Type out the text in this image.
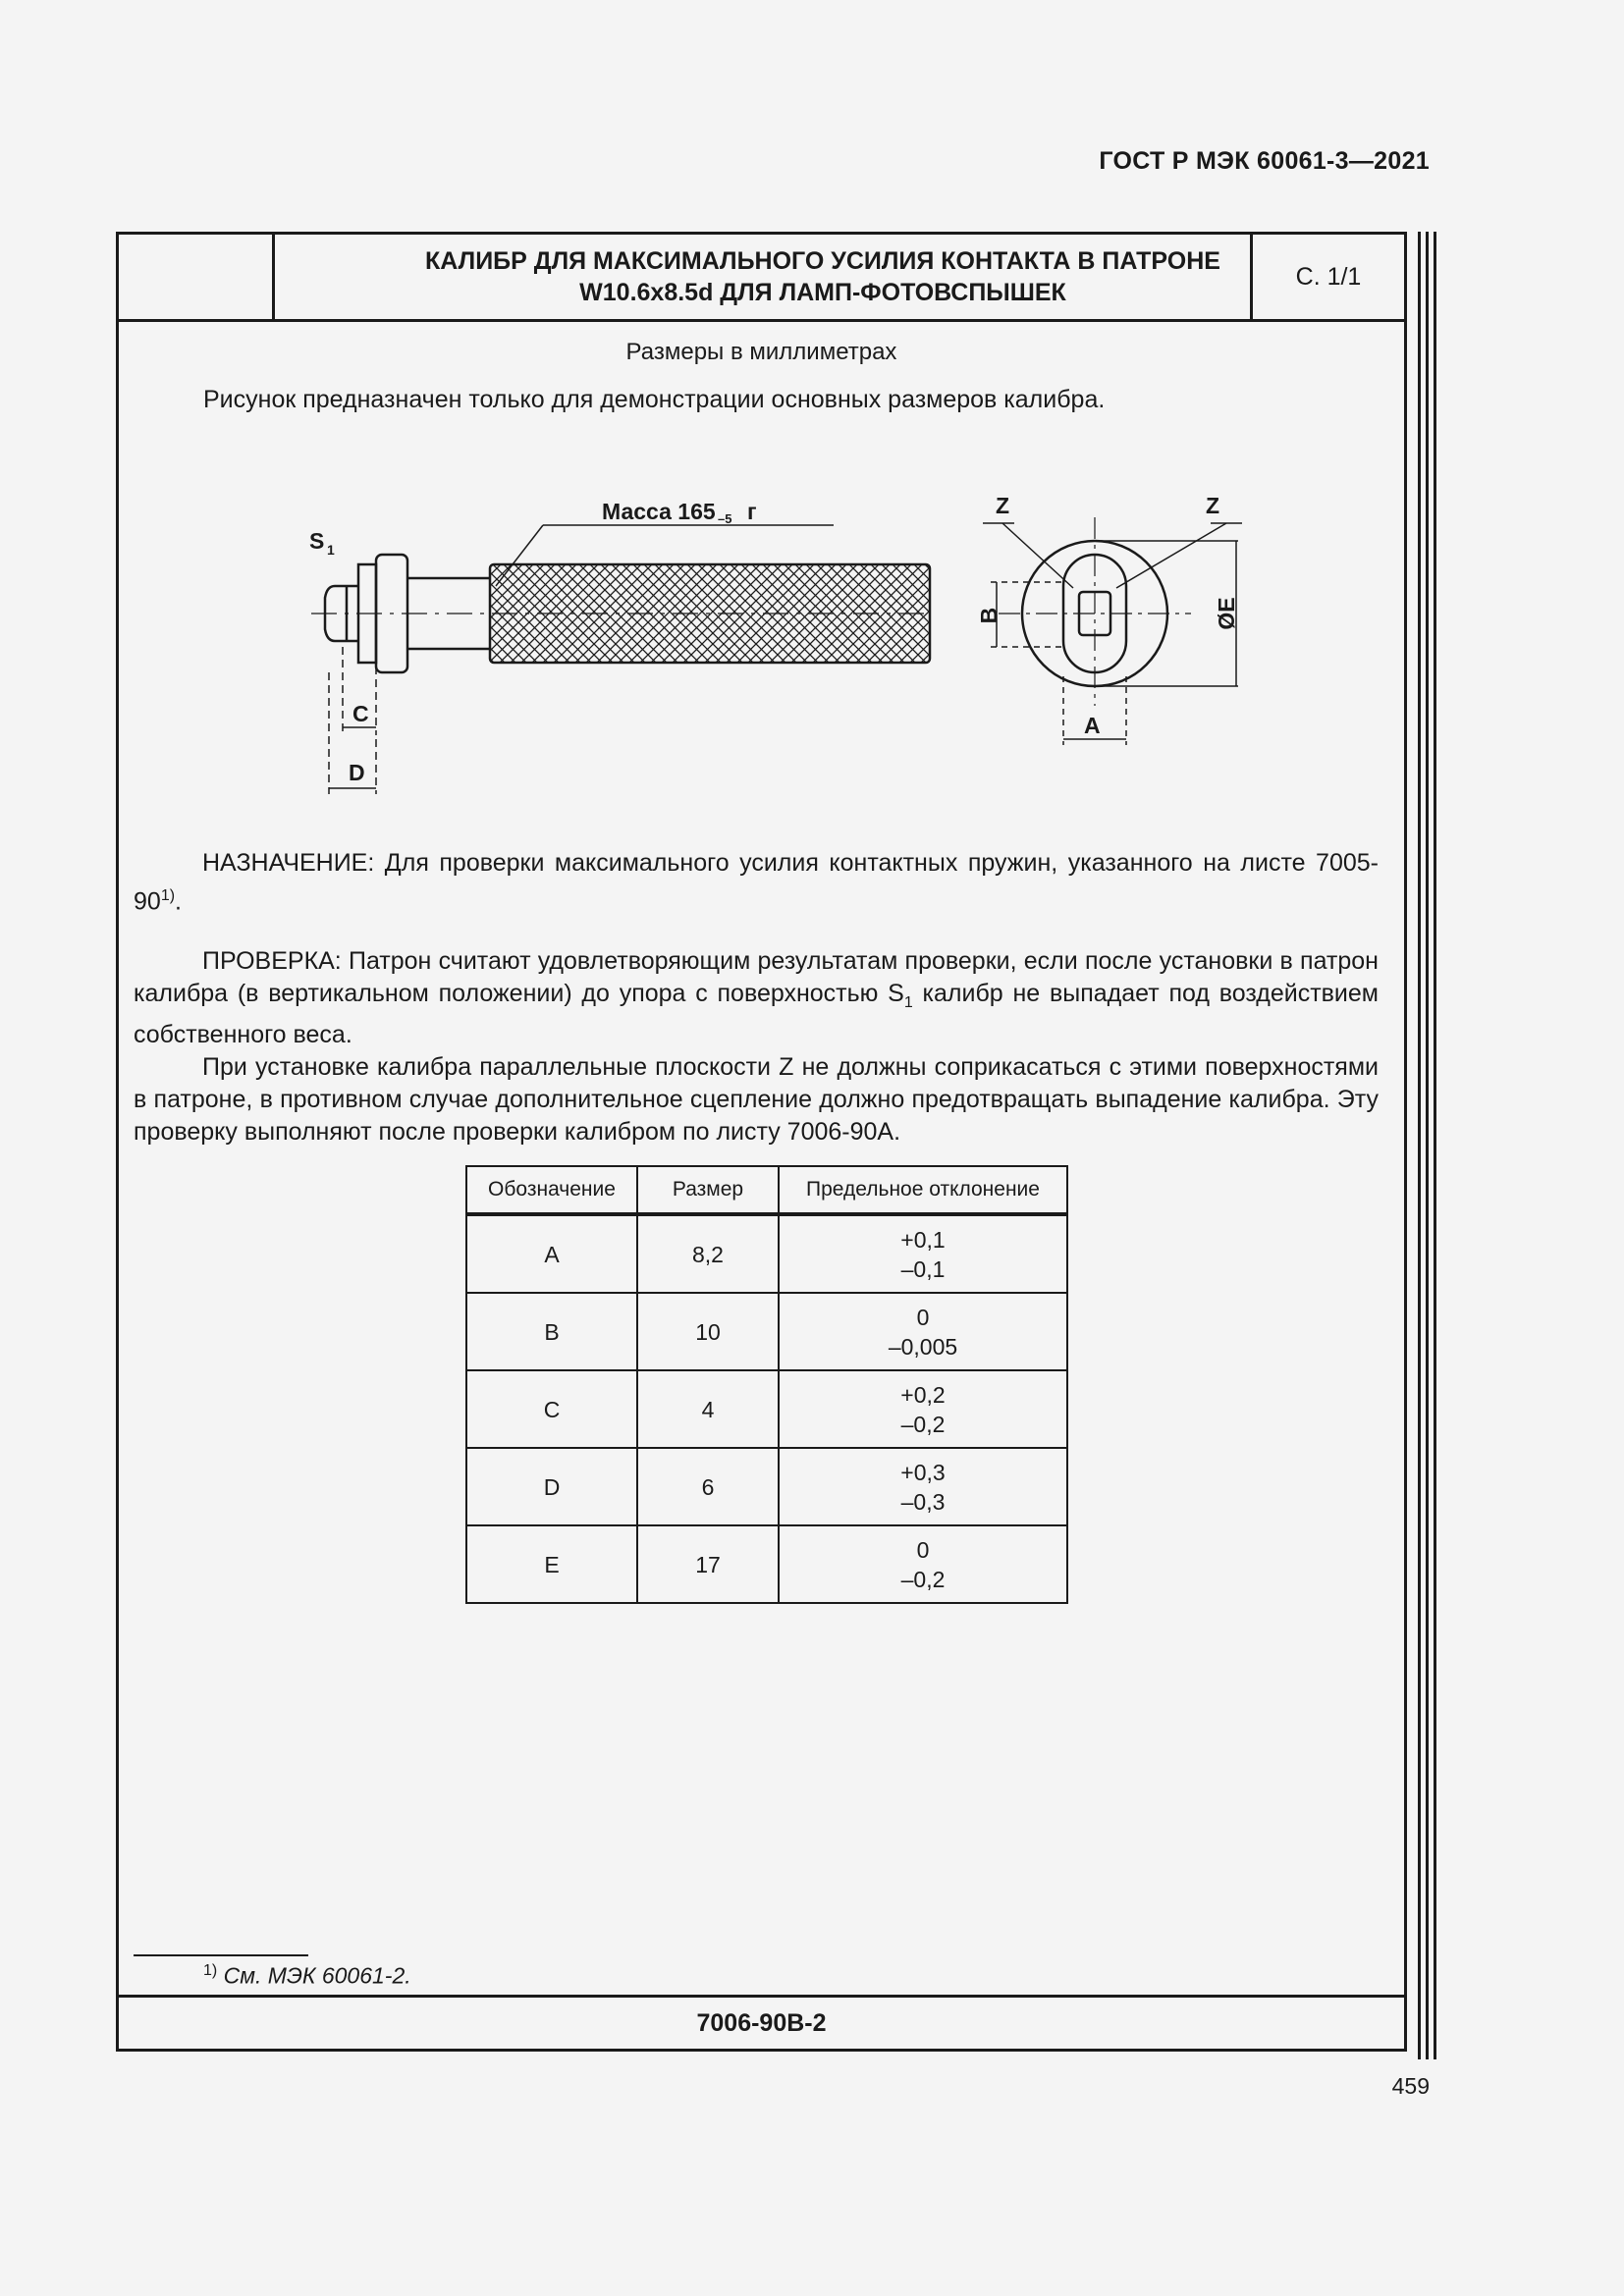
ГОСТ Р МЭК 60061-3—2021
КАЛИБР ДЛЯ МАКСИМАЛЬНОГО УСИЛИЯ КОНТАКТА В ПАТРОНЕ
W10.6x8.5d ДЛЯ ЛАМП-ФОТОВСПЫШЕК
С. 1/1
Размеры в миллиметрах
Рисунок предназначен только для демонстрации основных размеров калибра.
Масса 165 –5 г
S 1
C
D
B
Z	Z
ØE
A

НАЗНАЧЕНИЕ: Для проверки максимального усилия контактных пружин, указанного на листе 7005-90$^{1)}$.

ПРОВЕРКА: Патрон считают удовлетворяющим результатам проверки, если после установки в патрон калибра (в вертикальном положении) до упора с поверхностью $S_1$ калибр не выпадает под воздействием собственного веса.

При установке калибра параллельные плоскости Z не должны соприкасаться с этими поверхностями в патроне, в противном случае дополнительное сцепление должно предотвращать выпадение калибра. Эту проверку выполняют после проверки калибром по листу 7006-90A.

Обозначение	Размер	Предельное отклонение
A	8,2	+0,1
–0,1

B	10	0
–0,005

C	4	+0,2
–0,2

D	6	+0,3
–0,3

E	17	0
–0,2
$^{1)}$ См. МЭК 60061-2.
7006-90B-2
459
